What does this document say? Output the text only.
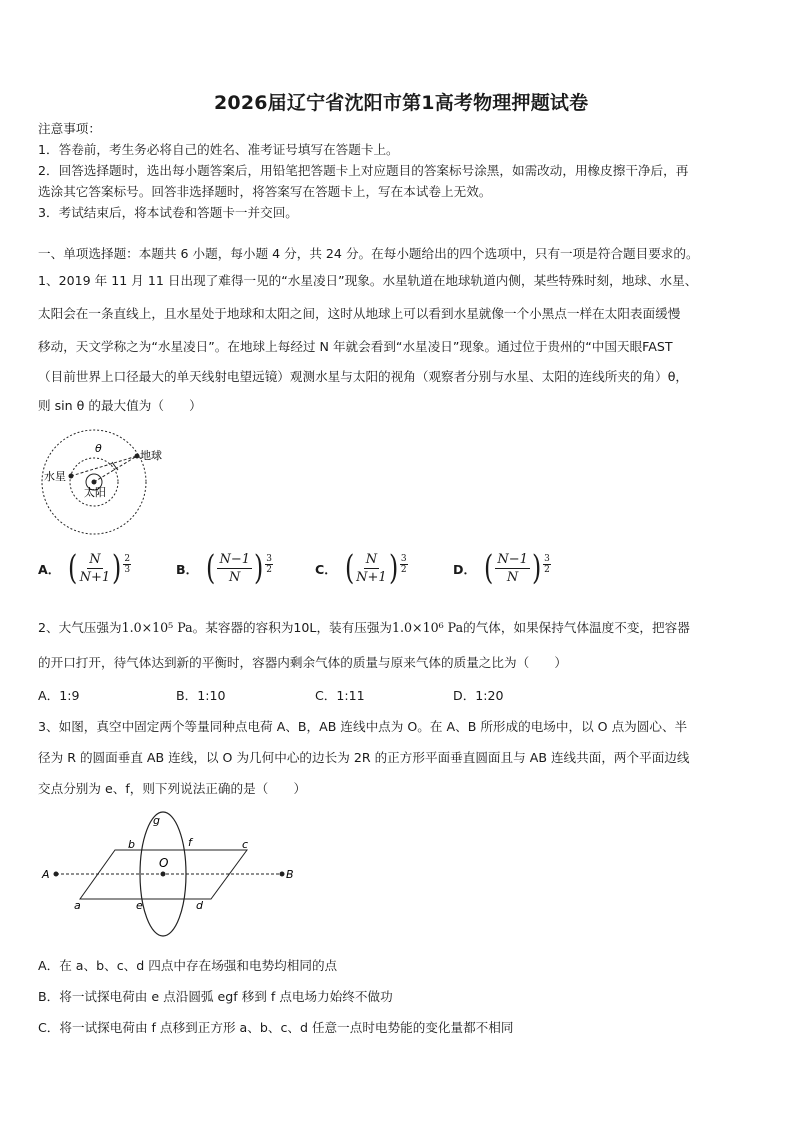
2026届辽宁省沈阳市第1高考物理押题试卷
注意事项：
1．答卷前，考生务必将自己的姓名、准考证号填写在答题卡上。
2．回答选择题时，选出每小题答案后，用铅笔把答题卡上对应题目的答案标号涂黑，如需改动，用橡皮擦干净后，再
选涂其它答案标号。回答非选择题时，将答案写在答题卡上，写在本试卷上无效。
3．考试结束后，将本试卷和答题卡一并交回。
一、单项选择题：本题共 6 小题，每小题 4 分，共 24 分。在每小题给出的四个选项中，只有一项是符合题目要求的。
1、2019 年 11 月 11 日出现了难得一见的“水星凌日”现象。水星轨道在地球轨道内侧，某些特殊时刻，地球、水星、
太阳会在一条直线上，且水星处于地球和太阳之间，这时从地球上可以看到水星就像一个小黑点一样在太阳表面缓慢
移动，天文学称之为“水星凌日”。在地球上每经过 N 年就会看到“水星凌日”现象。通过位于贵州的“中国天眼FAST
（目前世界上口径最大的单天线射电望远镜）观测水星与太阳的视角（观察者分别与水星、太阳的连线所夹的角）θ，
则 sin θ 的最大值为（　　）
地球
水星
太阳
θ
A． ( $\frac{N}{N+1}$ ) 2
3	B． ( $\frac{N-1}{N}$ ) 3
2	C． ( $\frac{N}{N+1}$ ) 3
2	D． ( $\frac{N-1}{N}$ ) 3
2
2、大气压强为1.0×10⁵ Pa。某容器的容积为10L，装有压强为1.0×10⁶ Pa的气体，如果保持气体温度不变，把容器
的开口打开，待气体达到新的平衡时，容器内剩余气体的质量与原来气体的质量之比为（　　）
A．1:9	B．1:10	C．1:11	D．1:20
3、如图，真空中固定两个等量同种点电荷 A、B，AB 连线中点为 O。在 A、B 所形成的电场中，以 O 点为圆心、半
径为 R 的圆面垂直 AB 连线，以 O 为几何中心的边长为 2R 的正方形平面垂直圆面且与 AB 连线共面，两个平面边线
交点分别为 e、f，则下列说法正确的是（　　）
A	B
O
a
b	c
d
e
f
g
A．在 a、b、c、d 四点中存在场强和电势均相同的点
B．将一试探电荷由 e 点沿圆弧 egf 移到 f 点电场力始终不做功
C．将一试探电荷由 f 点移到正方形 a、b、c、d 任意一点时电势能的变化量都不相同
